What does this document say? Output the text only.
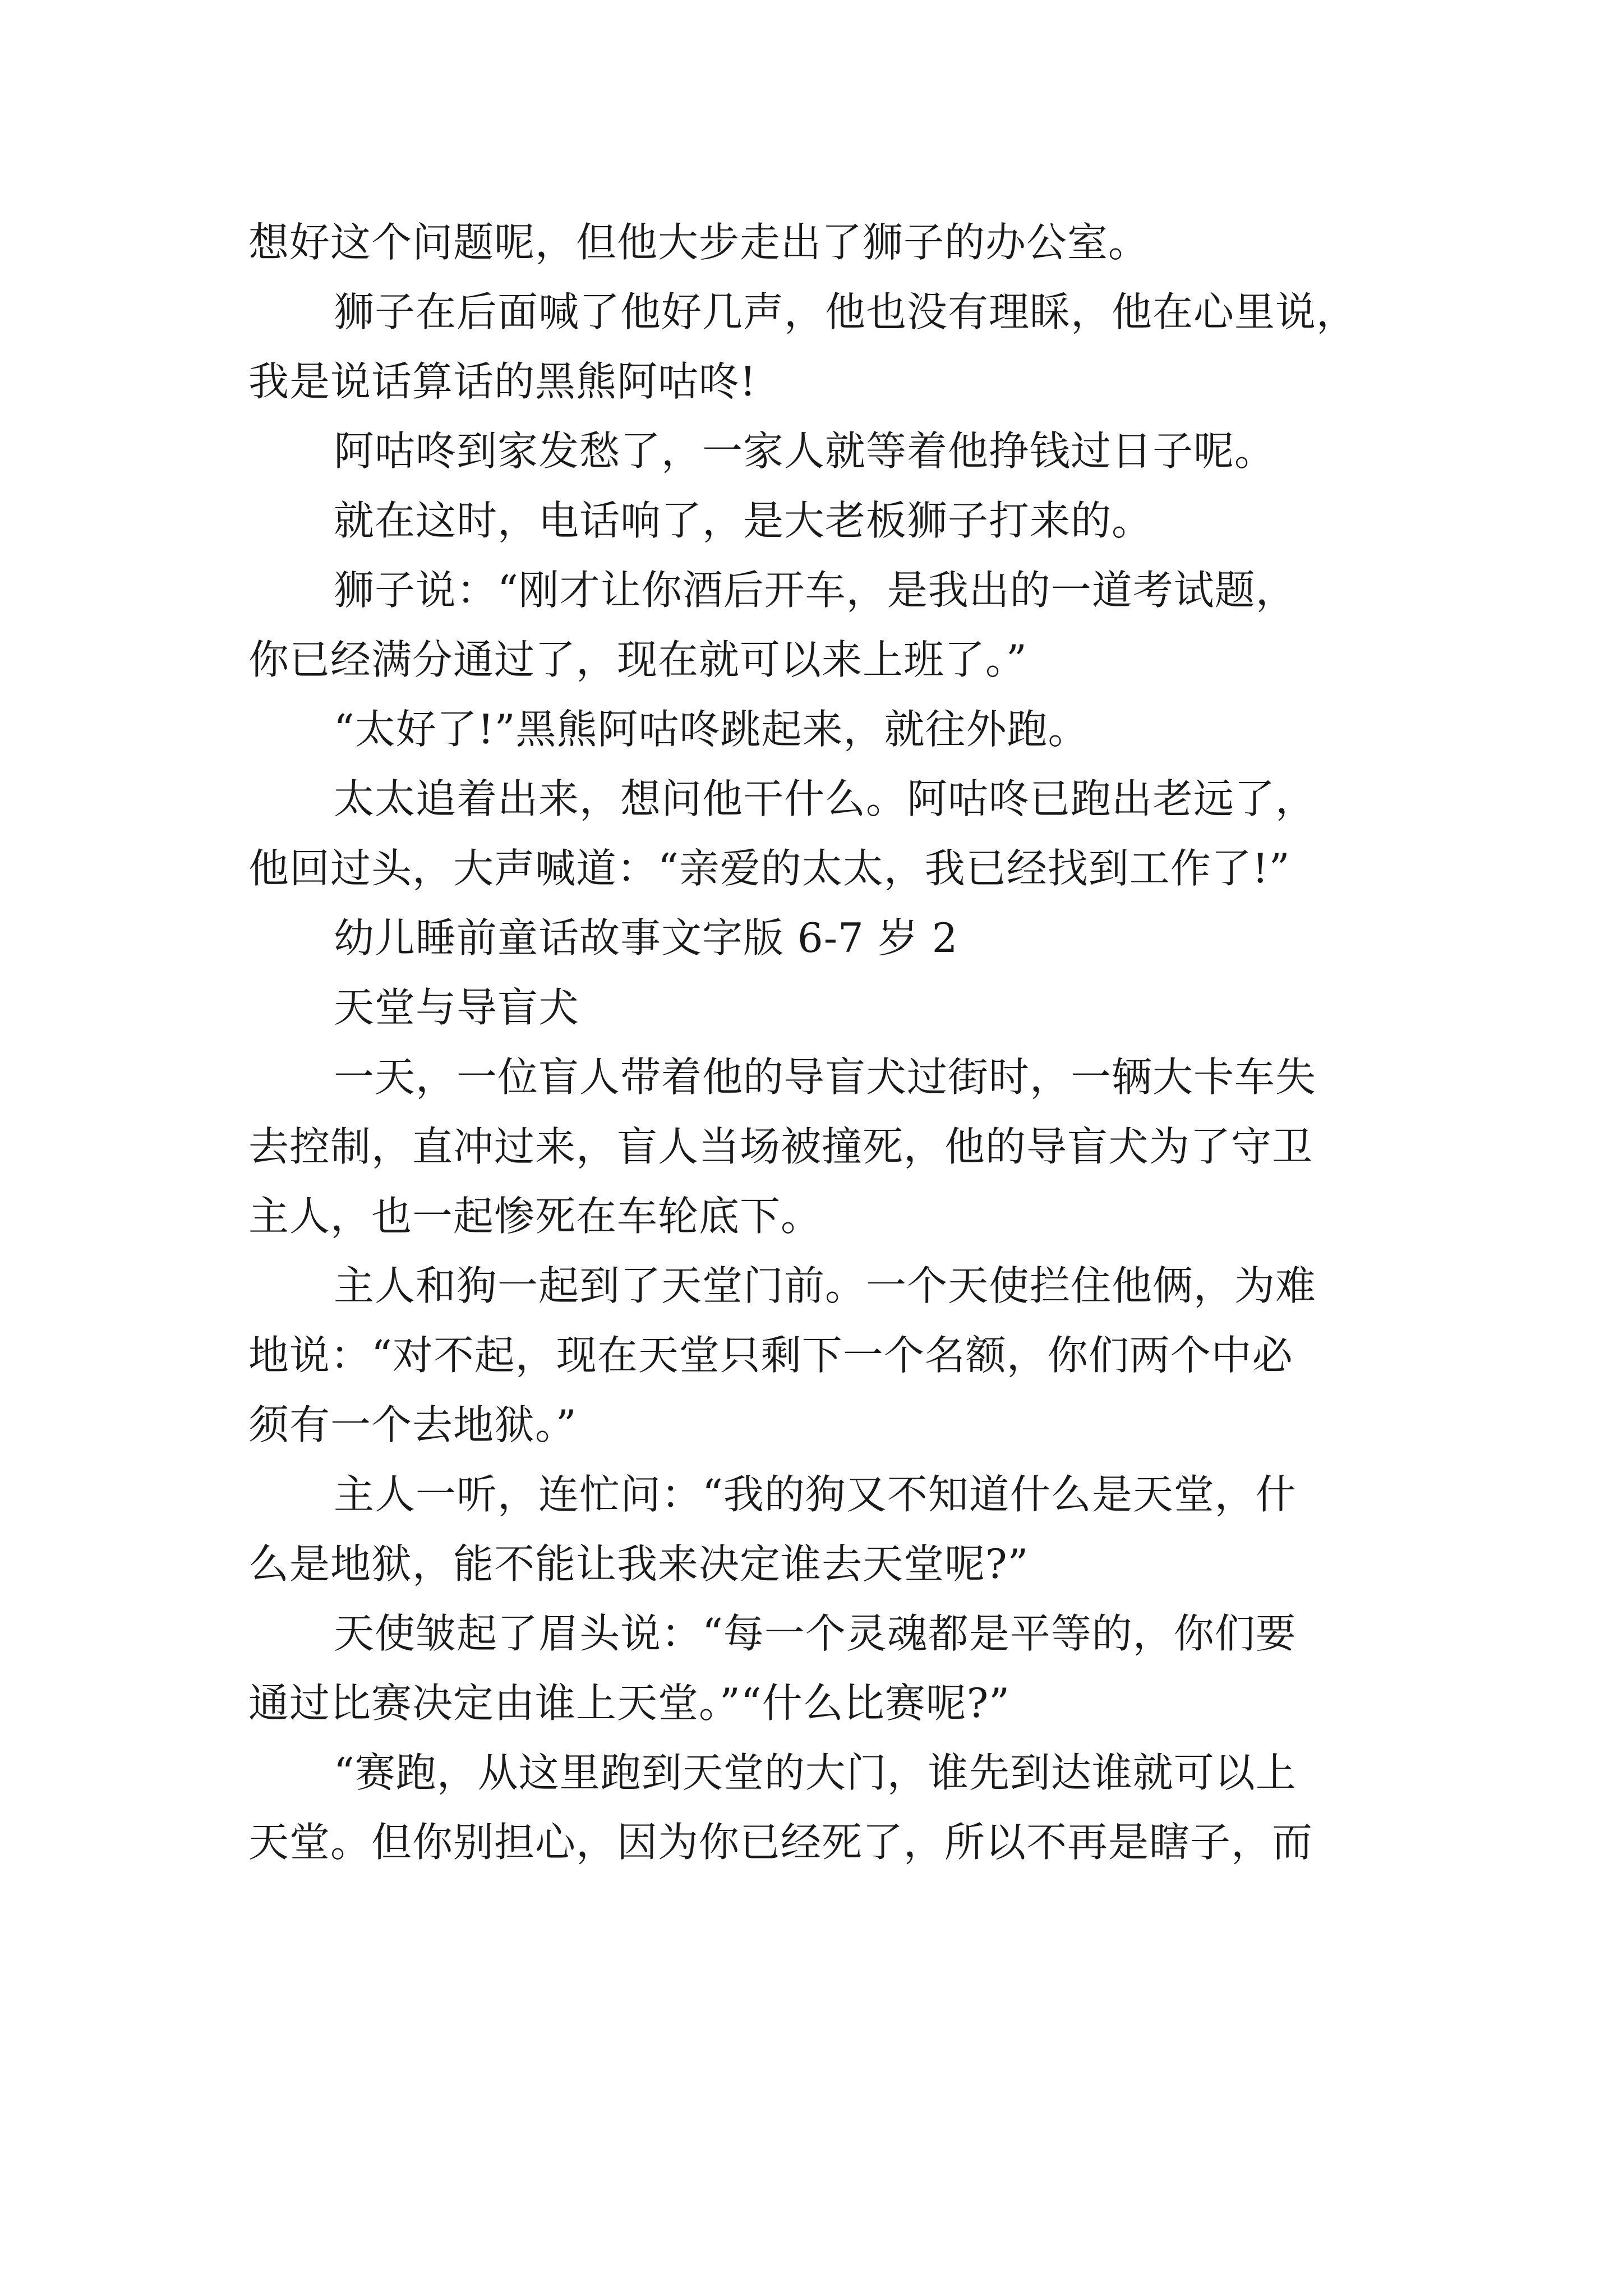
想好这个问题呢，但他大步走出了狮子的办公室。
狮子在后面喊了他好几声，他也没有理睬，他在心里说，
我是说话算话的黑熊阿咕咚!
阿咕咚到家发愁了，一家人就等着他挣钱过日子呢。
就在这时，电话响了，是大老板狮子打来的。
狮子说：“刚才让你酒后开车，是我出的一道考试题，
你已经满分通过了，现在就可以来上班了。”
“太好了!”黑熊阿咕咚跳起来，就往外跑。
太太追着出来，想问他干什么。阿咕咚已跑出老远了，
他回过头，大声喊道：“亲爱的太太，我已经找到工作了!”
幼儿睡前童话故事文字版 6-7 岁 2
天堂与导盲犬
一天，一位盲人带着他的导盲犬过街时，一辆大卡车失
去控制，直冲过来，盲人当场被撞死，他的导盲犬为了守卫
主人，也一起惨死在车轮底下。
主人和狗一起到了天堂门前。一个天使拦住他俩，为难
地说：“对不起，现在天堂只剩下一个名额，你们两个中必
须有一个去地狱。”
主人一听，连忙问：“我的狗又不知道什么是天堂，什
么是地狱，能不能让我来决定谁去天堂呢?”
天使皱起了眉头说：“每一个灵魂都是平等的，你们要
通过比赛决定由谁上天堂。”“什么比赛呢?”
“赛跑，从这里跑到天堂的大门，谁先到达谁就可以上
天堂。但你别担心，因为你已经死了，所以不再是瞎子，而
